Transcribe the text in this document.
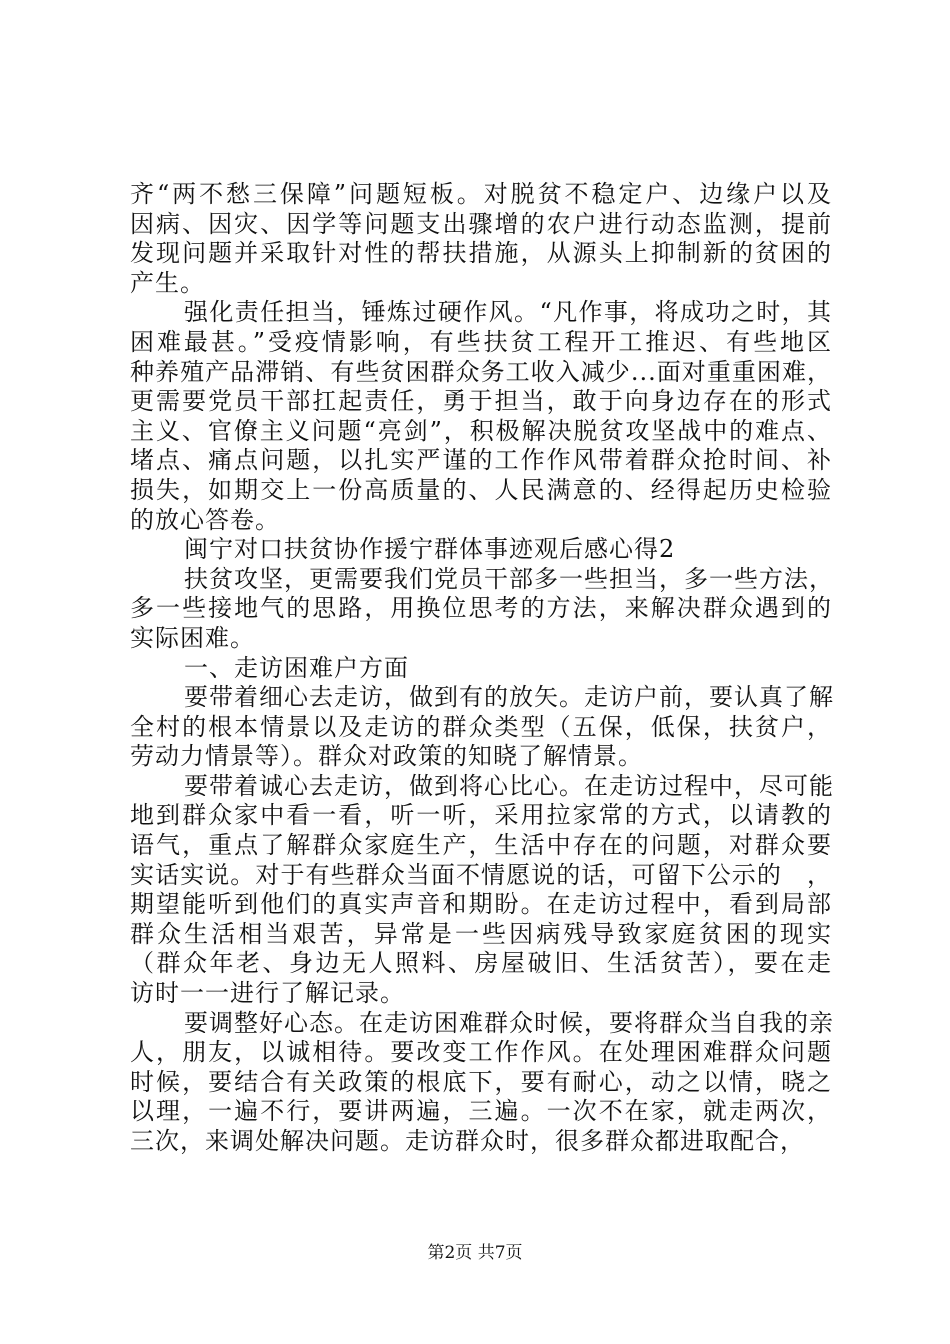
齐“两不愁三保障”问题短板。对脱贫不稳定户、边缘户以及
因病、因灾、因学等问题支出骤增的农户进行动态监测，提前
发现问题并采取针对性的帮扶措施，从源头上抑制新的贫困的
产生。
强化责任担当，锤炼过硬作风。“凡作事，将成功之时，其
困难最甚。”受疫情影响，有些扶贫工程开工推迟、有些地区
种养殖产品滞销、有些贫困群众务工收入减少...面对重重困难，
更需要党员干部扛起责任，勇于担当，敢于向身边存在的形式
主义、官僚主义问题“亮剑”，积极解决脱贫攻坚战中的难点、
堵点、痛点问题，以扎实严谨的工作作风带着群众抢时间、补
损失，如期交上一份高质量的、人民满意的、经得起历史检验
的放心答卷。
闽宁对口扶贫协作援宁群体事迹观后感心得2
扶贫攻坚，更需要我们党员干部多一些担当，多一些方法，
多一些接地气的思路，用换位思考的方法，来解决群众遇到的
实际困难。
一、走访困难户方面
要带着细心去走访，做到有的放矢。走访户前，要认真了解
全村的根本情景以及走访的群众类型（五保，低保，扶贫户，
劳动力情景等）。群众对政策的知晓了解情景。
要带着诚心去走访，做到将心比心。在走访过程中，尽可能
地到群众家中看一看，听一听，采用拉家常的方式，以请教的
语气，重点了解群众家庭生产，生活中存在的问题，对群众要
实话实说。对于有些群众当面不情愿说的话，可留下公示的　，
期望能听到他们的真实声音和期盼。在走访过程中，看到局部
群众生活相当艰苦，异常是一些因病残导致家庭贫困的现实
（群众年老、身边无人照料、房屋破旧、生活贫苦），要在走
访时一一进行了解记录。
要调整好心态。在走访困难群众时候，要将群众当自我的亲
人，朋友，以诚相待。要改变工作作风。在处理困难群众问题
时候，要结合有关政策的根底下，要有耐心，动之以情，晓之
以理，一遍不行，要讲两遍，三遍。一次不在家，就走两次，
三次，来调处解决问题。走访群众时，很多群众都进取配合，
第2页 共7页
